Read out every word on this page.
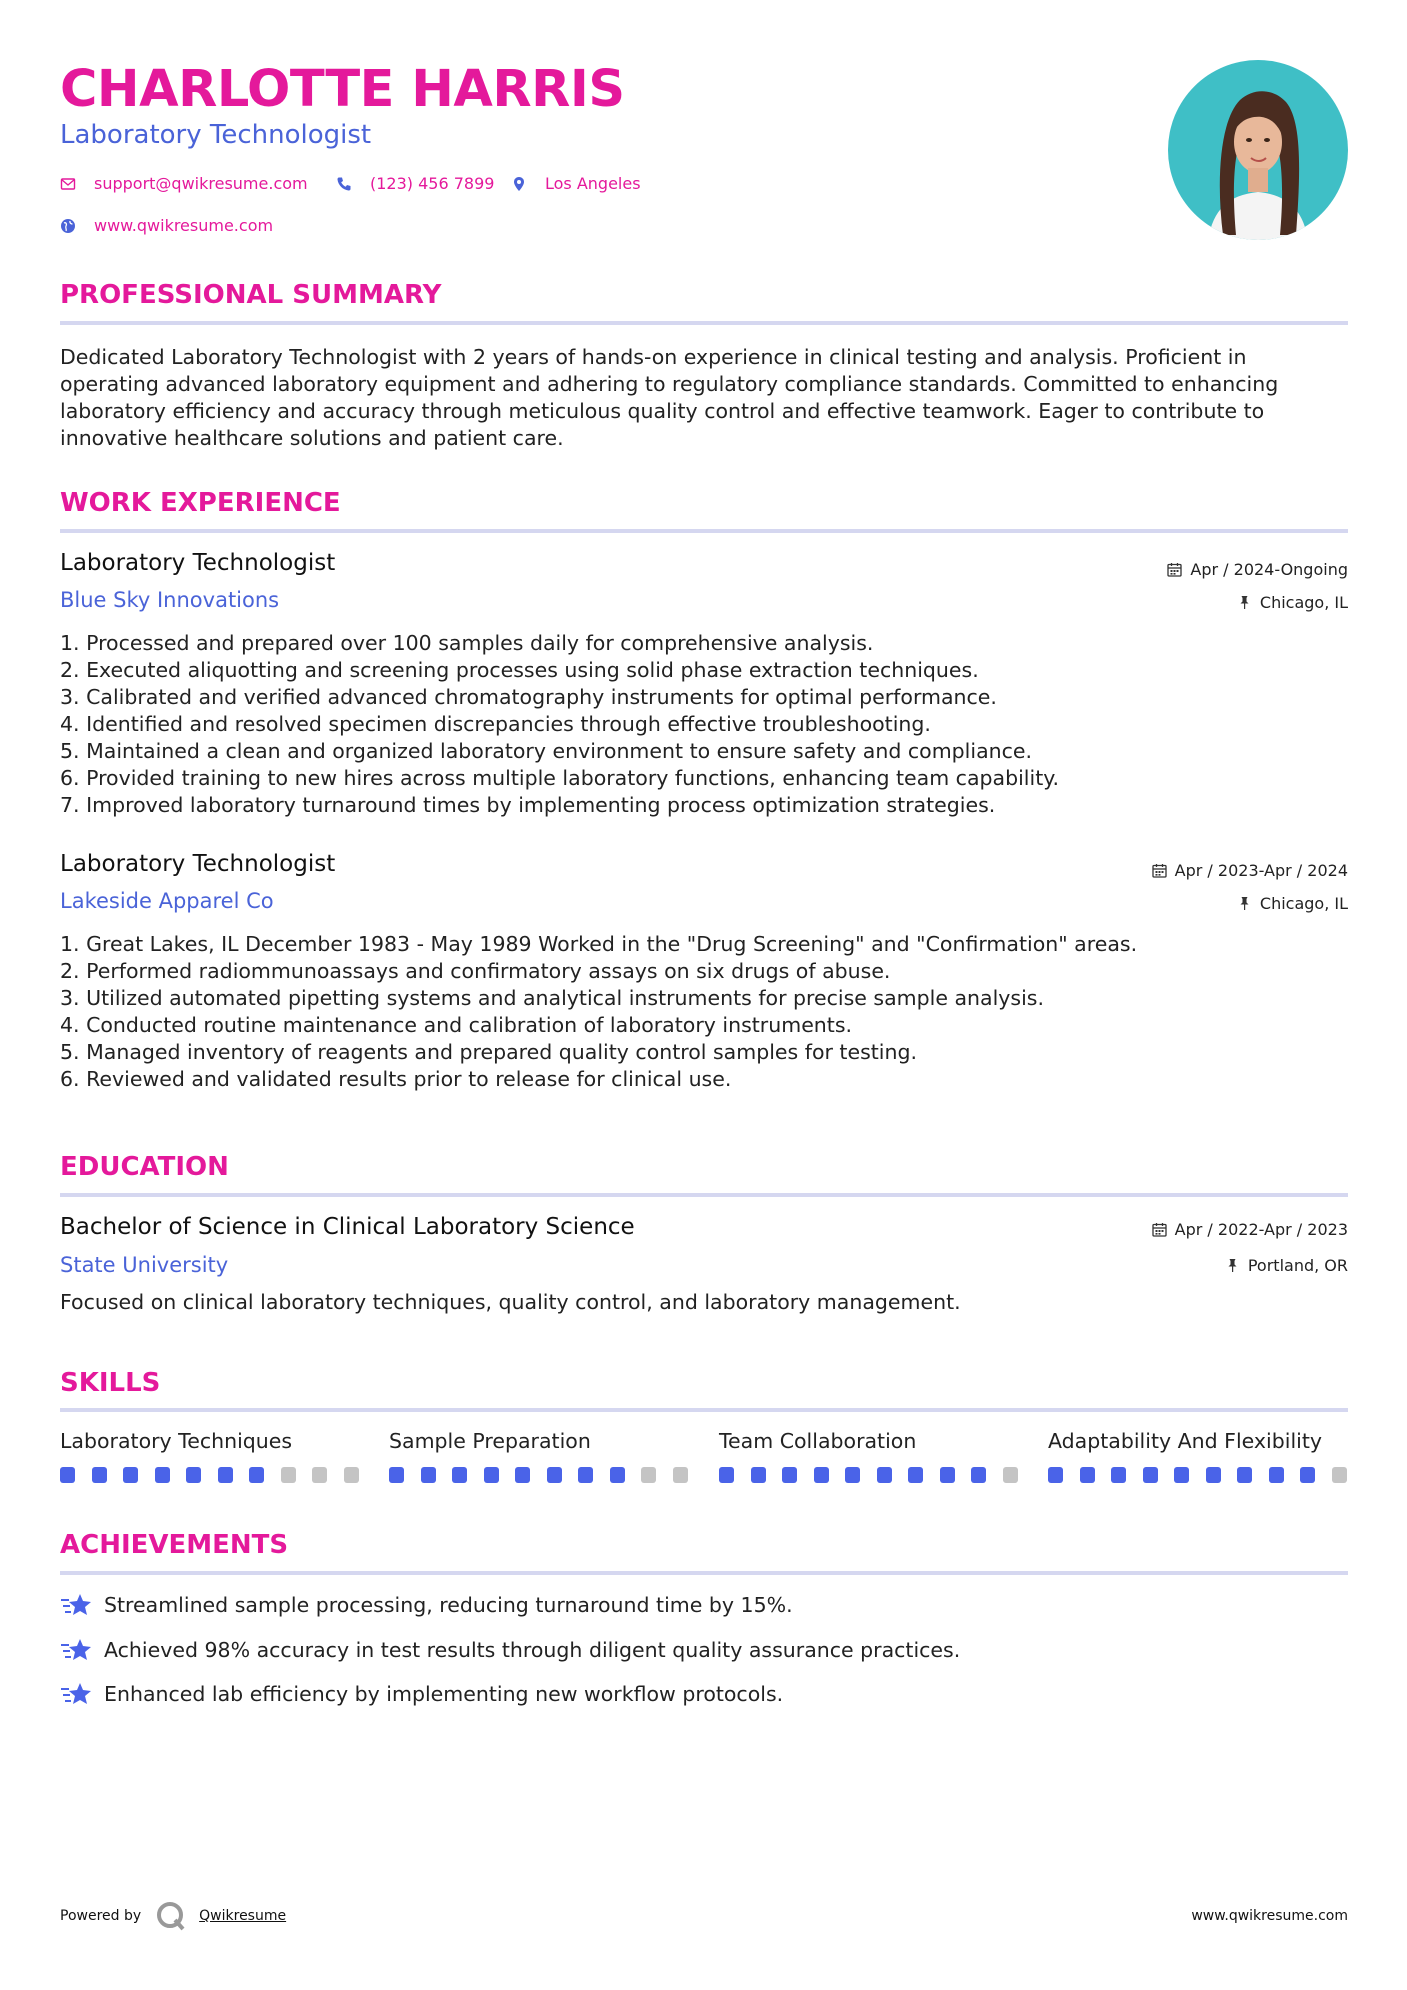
CHARLOTTE HARRIS
Laboratory Technologist
support@qwikresume.com	(123) 456 7899	Los Angeles
www.qwikresume.com
PROFESSIONAL SUMMARY
Dedicated Laboratory Technologist with 2 years of hands-on experience in clinical testing and analysis. Proficient in
operating advanced laboratory equipment and adhering to regulatory compliance standards. Committed to enhancing
laboratory efficiency and accuracy through meticulous quality control and effective teamwork. Eager to contribute to
innovative healthcare solutions and patient care.
WORK EXPERIENCE
Laboratory Technologist	Apr / 2024-Ongoing
Blue Sky Innovations	Chicago, IL
1. Processed and prepared over 100 samples daily for comprehensive analysis.
2. Executed aliquotting and screening processes using solid phase extraction techniques.
3. Calibrated and verified advanced chromatography instruments for optimal performance.
4. Identified and resolved specimen discrepancies through effective troubleshooting.
5. Maintained a clean and organized laboratory environment to ensure safety and compliance.
6. Provided training to new hires across multiple laboratory functions, enhancing team capability.
7. Improved laboratory turnaround times by implementing process optimization strategies.
Laboratory Technologist	Apr / 2023-Apr / 2024
Lakeside Apparel Co	Chicago, IL
1. Great Lakes, IL December 1983 - May 1989 Worked in the "Drug Screening" and "Confirmation" areas.
2. Performed radiommunoassays and confirmatory assays on six drugs of abuse.
3. Utilized automated pipetting systems and analytical instruments for precise sample analysis.
4. Conducted routine maintenance and calibration of laboratory instruments.
5. Managed inventory of reagents and prepared quality control samples for testing.
6. Reviewed and validated results prior to release for clinical use.
EDUCATION
Bachelor of Science in Clinical Laboratory Science	Apr / 2022-Apr / 2023
State University	Portland, OR
Focused on clinical laboratory techniques, quality control, and laboratory management.
SKILLS
Laboratory Techniques	Sample Preparation	Team Collaboration	Adaptability And Flexibility
ACHIEVEMENTS
Streamlined sample processing, reducing turnaround time by 15%.
Achieved 98% accuracy in test results through diligent quality assurance practices.
Enhanced lab efficiency by implementing new workflow protocols.
Powered by	Qwikresume	www.qwikresume.com
